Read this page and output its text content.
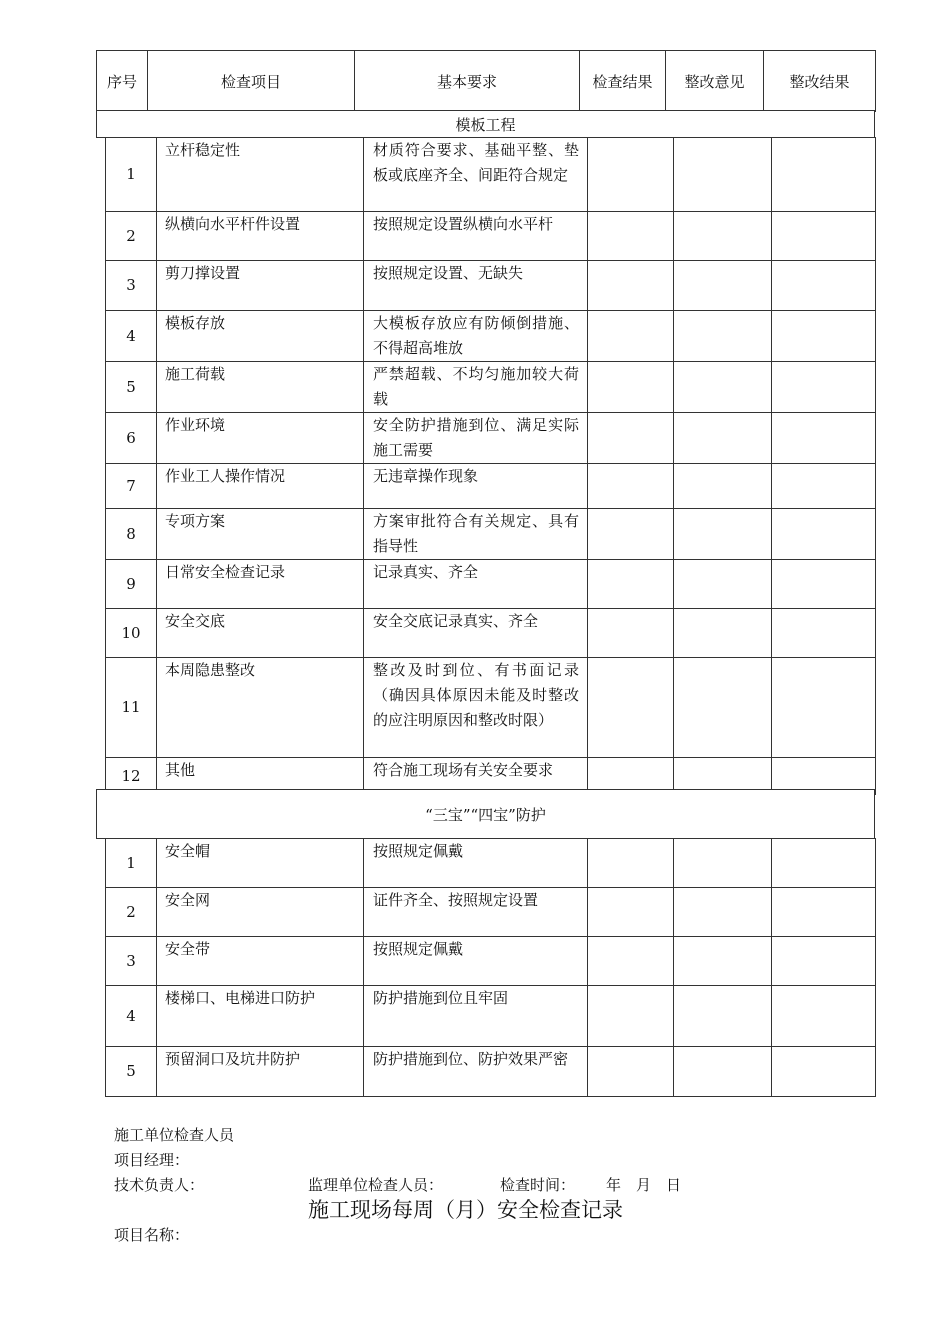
序号	检查项目	基本要求	检查结果	整改意见	整改结果
模板工程
1	立杆稳定性	材质符合要求、基础平整、垫板或底座齐全、间距符合规定			
2	纵横向水平杆件设置	按照规定设置纵横向水平杆			
3	剪刀撑设置	按照规定设置、无缺失			
4	模板存放	大模板存放应有防倾倒措施、不得超高堆放			
5	施工荷载	严禁超载、不均匀施加较大荷载			
6	作业环境	安全防护措施到位、满足实际施工需要			
7	作业工人操作情况	无违章操作现象			
8	专项方案	方案审批符合有关规定、具有指导性			
9	日常安全检查记录	记录真实、齐全			
10	安全交底	安全交底记录真实、齐全			
11	本周隐患整改	整改及时到位、有书面记录（确因具体原因未能及时整改的应注明原因和整改时限）			
12	其他	符合施工现场有关安全要求			
“三宝”“四宝”防护
1	安全帽	按照规定佩戴			
2	安全网	证件齐全、按照规定设置			
3	安全带	按照规定佩戴			
4	楼梯口、电梯进口防护	防护措施到位且牢固			
5	预留洞口及坑井防护	防护措施到位、防护效果严密			
施工单位检查人员
项目经理：
技术负责人：	监理单位检查人员：	检查时间： 年　月　日
施工现场每周（月）安全检查记录
项目名称：
